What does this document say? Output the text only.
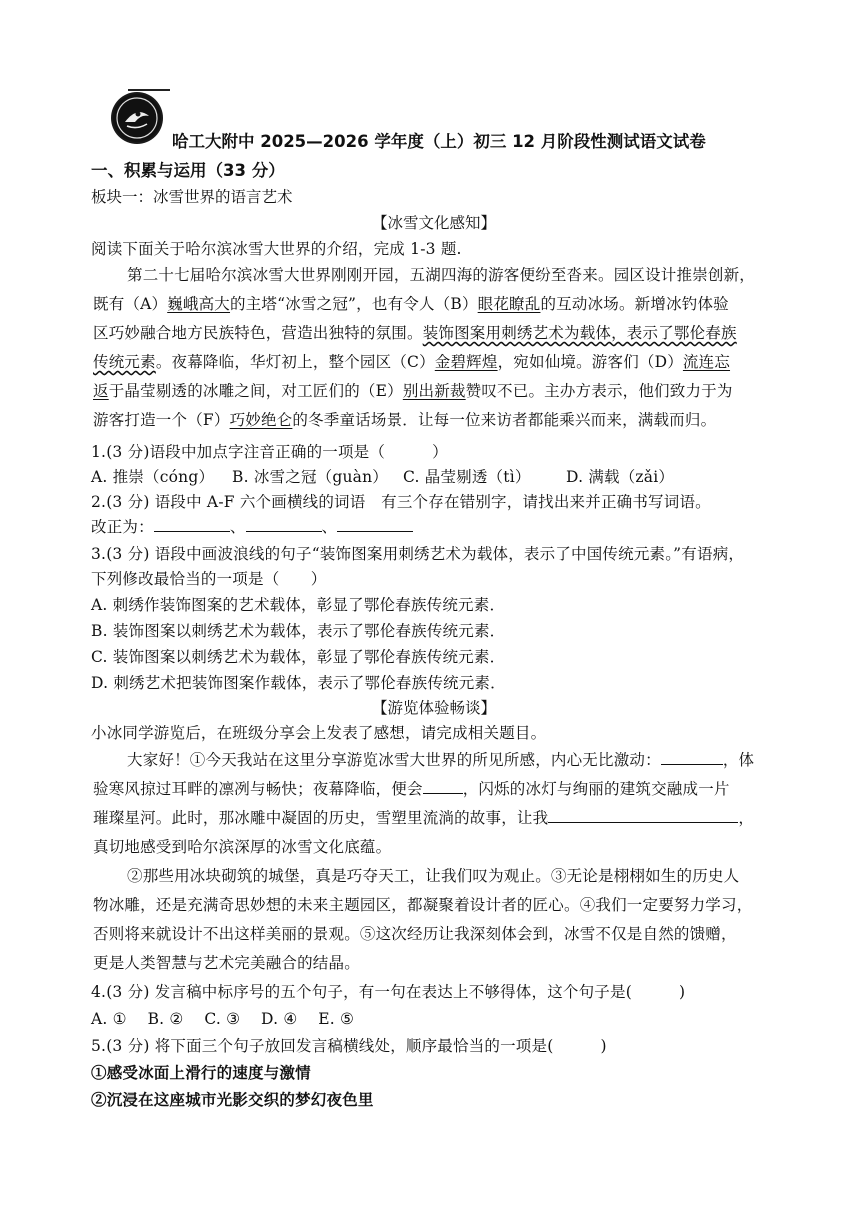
哈工大附中 2025—2026 学年度（上）初三 12 月阶段性测试语文试卷
一、积累与运用（33 分）
板块一：冰雪世界的语言艺术
【冰雪文化感知】
阅读下面关于哈尔滨冰雪大世界的介绍，完成 1-3 题.
第二十七届哈尔滨冰雪大世界刚刚开园，五湖四海的游客便纷至沓来。园区设计推崇创新，
既有（A）巍峨高大的主塔“冰雪之冠”，也有令人（B）眼花瞭乱的互动冰场。新增冰钓体验
区巧妙融合地方民族特色，营造出独特的氛围。装饰图案用刺绣艺术为载体，表示了鄂伦春族
传统元素。夜幕降临，华灯初上，整个园区（C）金碧辉煌，宛如仙境。游客们（D）流连忘
返于晶莹剔透的冰雕之间，对工匠们的（E）别出新裁赞叹不已。主办方表示，他们致力于为
游客打造一个（F）巧妙绝仑的冬季童话场景．让每一位来访者都能乘兴而来，满载而归。
1.(3 分)语段中加点字注音正确的一项是（　　　）
A. 推崇（cóng） B. 冰雪之冠（guàn） C. 晶莹剔透（tì） D. 满载（zǎi）
2.(3 分) 语段中 A-F 六个画横线的词语　有三个存在错别字，请找出来并正确书写词语。
改正为：	、	、
3.(3 分) 语段中画波浪线的句子“装饰图案用刺绣艺术为载体，表示了中国传统元素。”有语病，
下列修改最恰当的一项是（　　）
A. 刺绣作装饰图案的艺术载体，彰显了鄂伦春族传统元素．
B. 装饰图案以刺绣艺术为载体，表示了鄂伦春族传统元素．
C. 装饰图案以刺绣艺术为载体，彰显了鄂伦春族传统元素．
D. 刺绣艺术把装饰图案作载体，表示了鄂伦春族传统元素．
【游览体验畅谈】
小冰同学游览后，在班级分享会上发表了感想，请完成相关题目。
大家好！①今天我站在这里分享游览冰雪大世界的所见所感，内心无比激动：	，体
验寒风掠过耳畔的凛冽与畅快；夜幕降临，便会	，闪烁的冰灯与绚丽的建筑交融成一片
璀璨星河。此时，那冰雕中凝固的历史，雪塑里流淌的故事，让我	，
真切地感受到哈尔滨深厚的冰雪文化底蕴。
②那些用冰块砌筑的城堡，真是巧夺天工，让我们叹为观止。③无论是栩栩如生的历史人
物冰雕，还是充满奇思妙想的未来主题园区，都凝聚着设计者的匠心。④我们一定要努力学习，
否则将来就设计不出这样美丽的景观。⑤这次经历让我深刻体会到，冰雪不仅是自然的馈赠，
更是人类智慧与艺术完美融合的结晶。
4.(3 分) 发言稿中标序号的五个句子，有一句在表达上不够得体，这个句子是(　　　)
A. ①　 B. ②　 C. ③　 D. ④　 E. ⑤
5.(3 分) 将下面三个句子放回发言稿横线处，顺序最恰当的一项是(　　　)
①感受冰面上滑行的速度与激情
②沉浸在这座城市光影交织的梦幻夜色里
